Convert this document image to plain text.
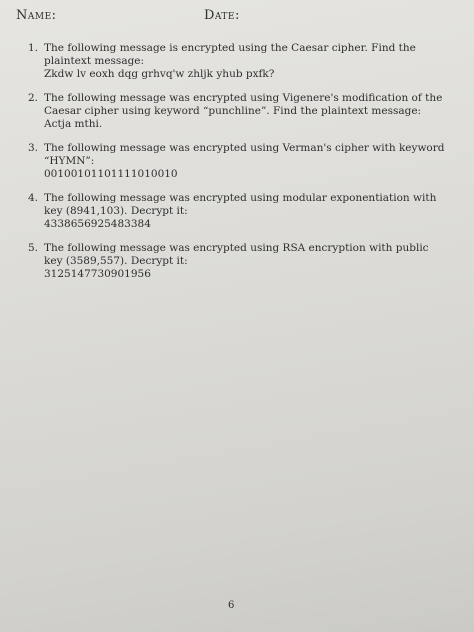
Name:	Date:
1. The following message is encrypted using the Caesar cipher. Find the
plaintext message:
Zkdw lv eoxh dqg grhvq'w zhljk yhub pxfk?
2. The following message was encrypted using Vigenere's modification of the
Caesar cipher using keyword “punchline”. Find the plaintext message:
Actja mthi.
3. The following message was encrypted using Verman's cipher with keyword
“HYMN”:
00100101101111010010
4. The following message was encrypted using modular exponentiation with
key (8941,103). Decrypt it:
4338656925483384
5. The following message was encrypted using RSA encryption with public
key (3589,557). Decrypt it:
3125147730901956
6
